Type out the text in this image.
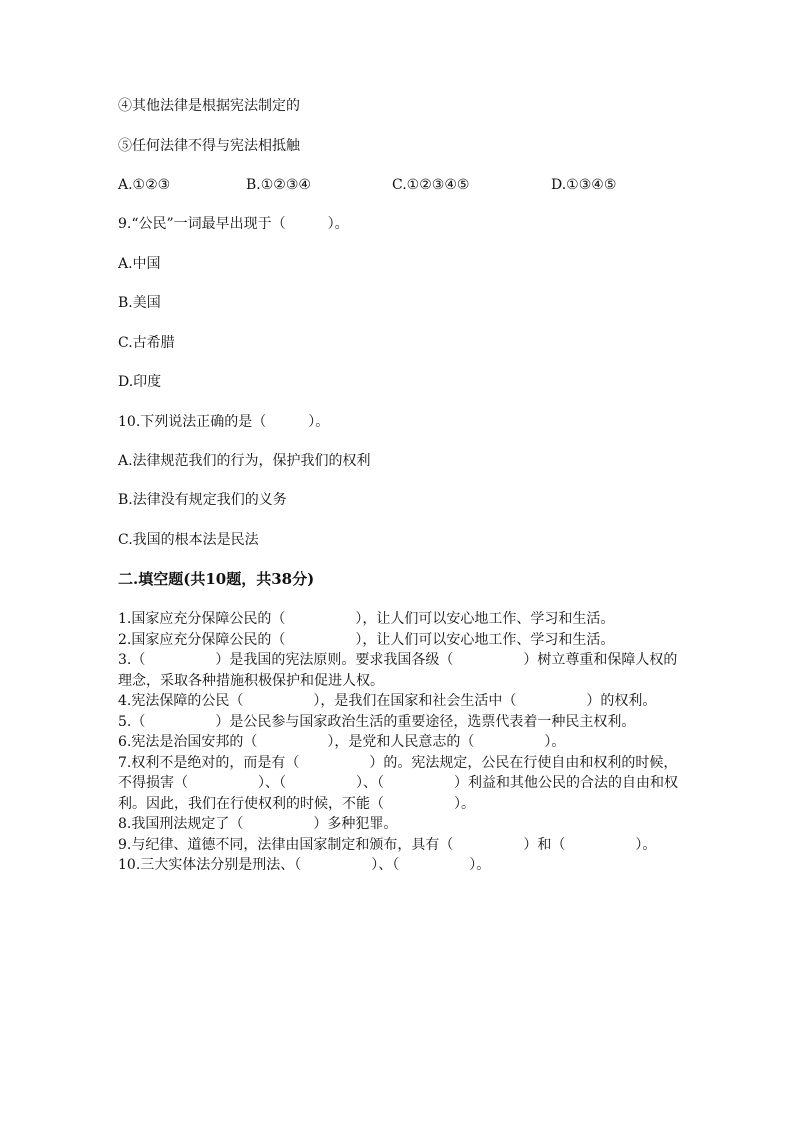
④其他法律是根据宪法制定的
⑤任何法律不得与宪法相抵触
A.①②③	B.①②③④	C.①②③④⑤	D.①③④⑤
9.“公民”一词最早出现于（　　　）。
A.中国
B.美国
C.古希腊
D.印度
10.下列说法正确的是（　　　）。
A.法律规范我们的行为，保护我们的权利
B.法律没有规定我们的义务
C.我国的根本法是民法
二.填空题(共10题，共38分)
1.国家应充分保障公民的（　　　　　），让人们可以安心地工作、学习和生活。
2.国家应充分保障公民的（　　　　　），让人们可以安心地工作、学习和生活。
3.（　　　　　）是我国的宪法原则。要求我国各级（　　　　　）树立尊重和保障人权的理念，采取各种措施积极保护和促进人权。
4.宪法保障的公民（　　　　　），是我们在国家和社会生活中（　　　　　）的权利。
5.（　　　　　）是公民参与国家政治生活的重要途径，选票代表着一种民主权利。
6.宪法是治国安邦的（　　　　　），是党和人民意志的（　　　　　）。
7.权利不是绝对的，而是有（　　　　　）的。宪法规定，公民在行使自由和权利的时候，不得损害（　　　　　）、（　　　　　）、（　　　　　）利益和其他公民的合法的自由和权利。因此，我们在行使权利的时候，不能（　　　　　）。
8.我国刑法规定了（　　　　　）多种犯罪。
9.与纪律、道德不同，法律由国家制定和颁布，具有（　　　　　）和（　　　　　）。
10.三大实体法分别是刑法、（　　　　　）、（　　　　　）。
